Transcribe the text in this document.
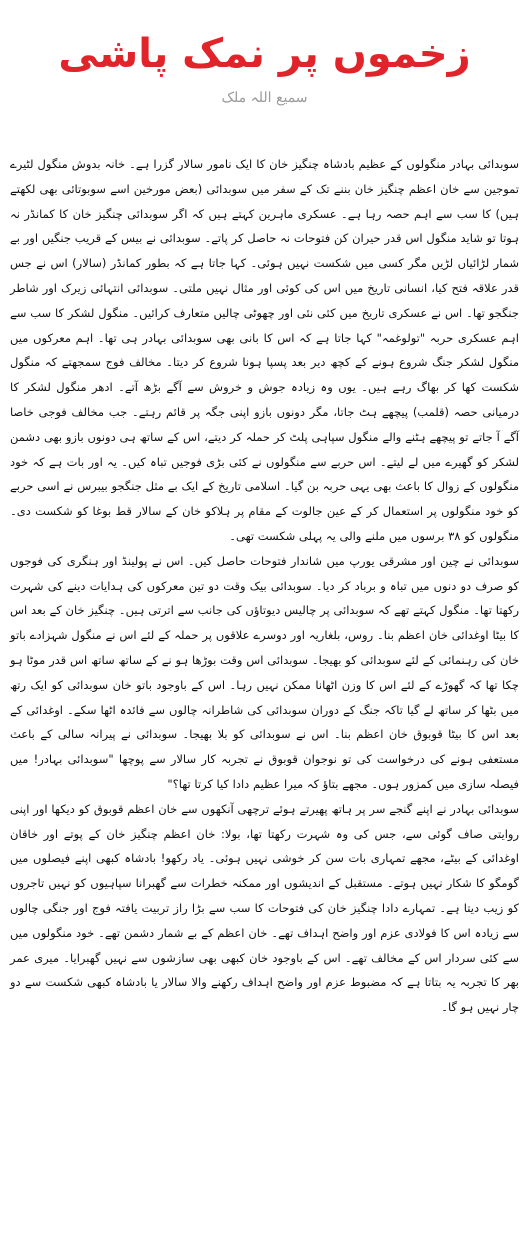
زخموں پر نمک پاشی
سمیع اللہ ملک

سوبدائی بہادر منگولوں کے عظیم بادشاہ چنگیز خان کا ایک نامور سالار گزرا ہے۔ خانہ بدوش منگول لٹیرے تموجین سے خان اعظم چنگیز خان بننے تک کے سفر میں سوبدائی (بعض مورخین اسے سوبوتائی بھی لکھتے ہیں) کا سب سے اہم حصہ رہا ہے۔ عسکری ماہرین کہتے ہیں کہ اگر سوبدائی چنگیز خان کا کمانڈر نہ ہوتا تو شاید منگول اس قدر حیران کن فتوحات نہ حاصل کر پاتے۔ سوبدائی نے بیس کے قریب جنگیں اور بے شمار لڑائیاں لڑیں مگر کسی میں شکست نہیں ہوئی۔ کہا جاتا ہے کہ بطور کمانڈر (سالار) اس نے جس قدر علاقہ فتح کیا، انسانی تاریخ میں اس کی کوئی اور مثال نہیں ملتی۔ سوبدائی انتہائی زیرک اور شاطر جنگجو تھا۔ اس نے عسکری تاریخ میں کئی نئی اور چھوٹی چالیں متعارف کرائیں۔ منگول لشکر کا سب سے اہم عسکری حربہ "تولوغمہ" کہا جاتا ہے کہ اس کا بانی بھی سوبدائی بہادر ہی تھا۔ اہم معرکوں میں منگول لشکر جنگ شروع ہونے کے کچھ دیر بعد پسپا ہونا شروع کر دیتا۔ مخالف فوج سمجھتے کہ منگول شکست کھا کر بھاگ رہے ہیں۔ یوں وہ زیادہ جوش و خروش سے آگے بڑھ آتے۔ ادھر منگول لشکر کا درمیانی حصہ (قلمب) پیچھے ہٹ جاتا، مگر دونوں بازو اپنی جگہ پر قائم رہتے۔ جب مخالف فوجی خاصا آگے آ جاتے تو پیچھے ہٹنے والے منگول سپاہی پلٹ کر حملہ کر دیتے، اس کے ساتھ ہی دونوں بازو بھی دشمن لشکر کو گھیرے میں لے لیتے۔ اس حربے سے منگولوں نے کئی بڑی فوجیں تباہ کیں۔ یہ اور بات ہے کہ خود منگولوں کے زوال کا باعث بھی یہی حربہ بن گیا۔ اسلامی تاریخ کے ایک بے مثل جنگجو بیبرس نے اسی حربے کو خود منگولوں پر استعمال کر کے عین جالوت کے مقام پر ہلاکو خان کے سالار قط بوغا کو شکست دی۔ منگولوں کو ۳۸ برسوں میں ملنے والی یہ پہلی شکست تھی۔

سوبدائی نے چین اور مشرقی یورپ میں شاندار فتوحات حاصل کیں۔ اس نے پولینڈ اور ہنگری کی فوجوں کو صرف دو دنوں میں تباہ و برباد کر دیا۔ سوبدائی بیک وقت دو تین معرکوں کی ہدایات دینے کی شہرت رکھتا تھا۔ منگول کہتے تھے کہ سوبدائی پر چالیس دیوتاؤں کی جانب سے اترتی ہیں۔ چنگیز خان کے بعد اس کا بیٹا اوغدائی خان اعظم بنا۔ روس، بلغاریہ اور دوسرے علاقوں پر حملہ کے لئے اس نے منگول شہزادے باتو خان کی رہنمائی کے لئے سوبدائی کو بھیجا۔ سوبدائی اس وقت بوڑھا ہو نے کے ساتھ ساتھ اس قدر موٹا ہو چکا تھا کہ گھوڑے کے لئے اس کا وزن اٹھانا ممکن نہیں رہا۔ اس کے باوجود باتو خان سوبدائی کو ایک رتھ میں بٹھا کر ساتھ لے گیا تاکہ جنگ کے دوران سوبدائی کی شاطرانہ چالوں سے فائدہ اٹھا سکے۔ اوغدائی کے بعد اس کا بیٹا قوبوق خان اعظم بنا۔ اس نے سوبدائی کو بلا بھیجا۔ سوبدائی نے پیرانہ سالی کے باعث مستعفی ہونے کی درخواست کی تو نوجوان قوبوق نے تجربہ کار سالار سے پوچھا "سوبدائی بہادر! میں فیصلہ سازی میں کمزور ہوں۔ مجھے بتاؤ کہ میرا عظیم دادا کیا کرتا تھا؟"

سوبدائی بہادر نے اپنے گنجے سر پر ہاتھ پھیرتے ہوئے ترچھی آنکھوں سے خان اعظم قوبوق کو دیکھا اور اپنی روایتی صاف گوئی سے، جس کی وہ شہرت رکھتا تھا، بولا: خان اعظم چنگیز خان کے پوتے اور خاقان اوغدائی کے بیٹے، مجھے تمہاری بات سن کر خوشی نہیں ہوئی۔ یاد رکھو! بادشاہ کبھی اپنے فیصلوں میں گومگو کا شکار نہیں ہوتے۔ مستقبل کے اندیشوں اور ممکنہ خطرات سے گھبرانا سپاہیوں کو نہیں تاجروں کو زیب دیتا ہے۔ تمہارے دادا چنگیز خان کی فتوحات کا سب سے بڑا راز تربیت یافتہ فوج اور جنگی چالوں سے زیادہ اس کا فولادی عزم اور واضح اہداف تھے۔ خان اعظم کے بے شمار دشمن تھے۔ خود منگولوں میں سے کئی سردار اس کے مخالف تھے۔ اس کے باوجود خان کبھی بھی سازشوں سے نہیں گھبرایا۔ میری عمر بھر کا تجربہ یہ بتاتا ہے کہ مضبوط عزم اور واضح اہداف رکھنے والا سالار یا بادشاہ کبھی شکست سے دو چار نہیں ہو گا۔
